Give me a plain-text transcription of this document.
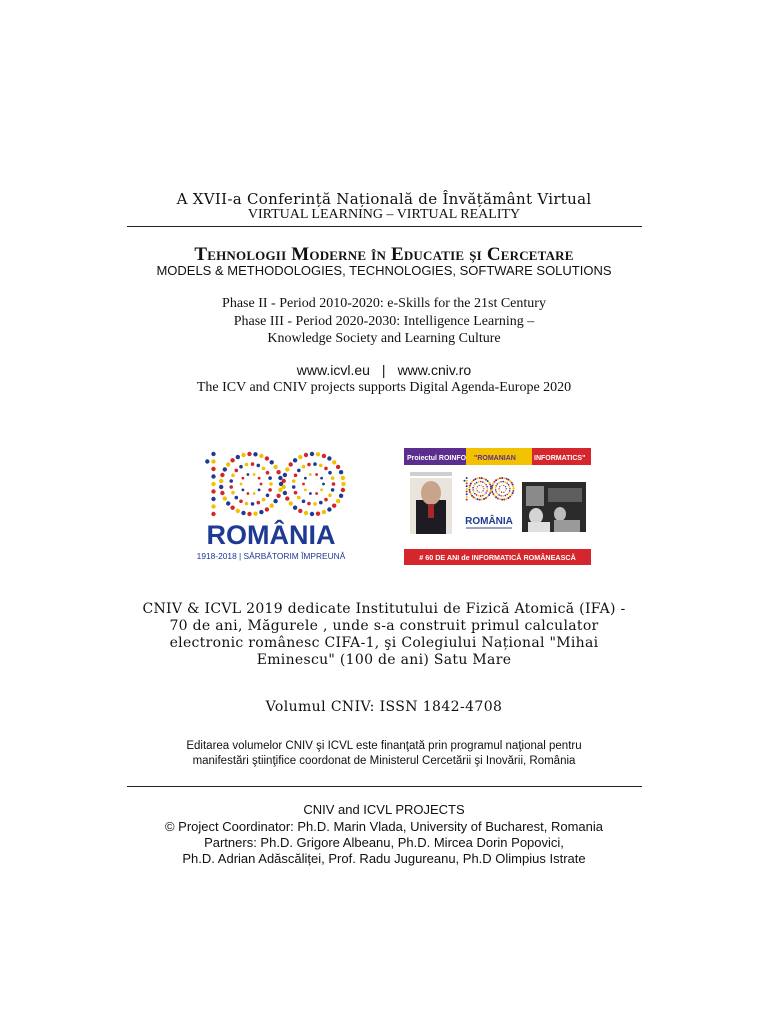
A XVII-a Conferință Națională de Învățământ Virtual
VIRTUAL LEARNING – VIRTUAL REALITY
Tehnologii Moderne în Educatie şi Cercetare
MODELS & METHODOLOGIES, TECHNOLOGIES, SOFTWARE SOLUTIONS
Phase II - Period 2010-2020: e-Skills for the 21st Century
Phase III - Period 2020-2030: Intelligence Learning –
Knowledge Society and Learning Culture
www.icvl.eu | www.cniv.ro
The ICV and CNIV projects supports Digital Agenda-Europe 2020
ROMÂNIA
1918-2018 | SĂRBĂTORIM ÎMPREUNĂ
Proiectul ROINFO "ROMANIAN	INFORMATICS"
ROMÂNIA
# 60 DE ANI de INFORMATICĂ ROMÂNEASCĂ
CNIV & ICVL 2019 dedicate Institutului de Fizică Atomică (IFA) -
70 de ani, Măgurele , unde s-a construit primul calculator
electronic românesc CIFA-1, şi Colegiului Național "Mihai
Eminescu" (100 de ani) Satu Mare
Volumul CNIV: ISSN 1842-4708
Editarea volumelor CNIV şi ICVL este finanţată prin programul naţional pentru
manifestări ştiinţifice coordonat de Ministerul Cercetării şi Inovării, România
CNIV and ICVL PROJECTS
© Project Coordinator: Ph.D. Marin Vlada, University of Bucharest, Romania
Partners: Ph.D. Grigore Albeanu, Ph.D. Mircea Dorin Popovici,
Ph.D. Adrian Adăscăliței, Prof. Radu Jugureanu, Ph.D Olimpius Istrate
